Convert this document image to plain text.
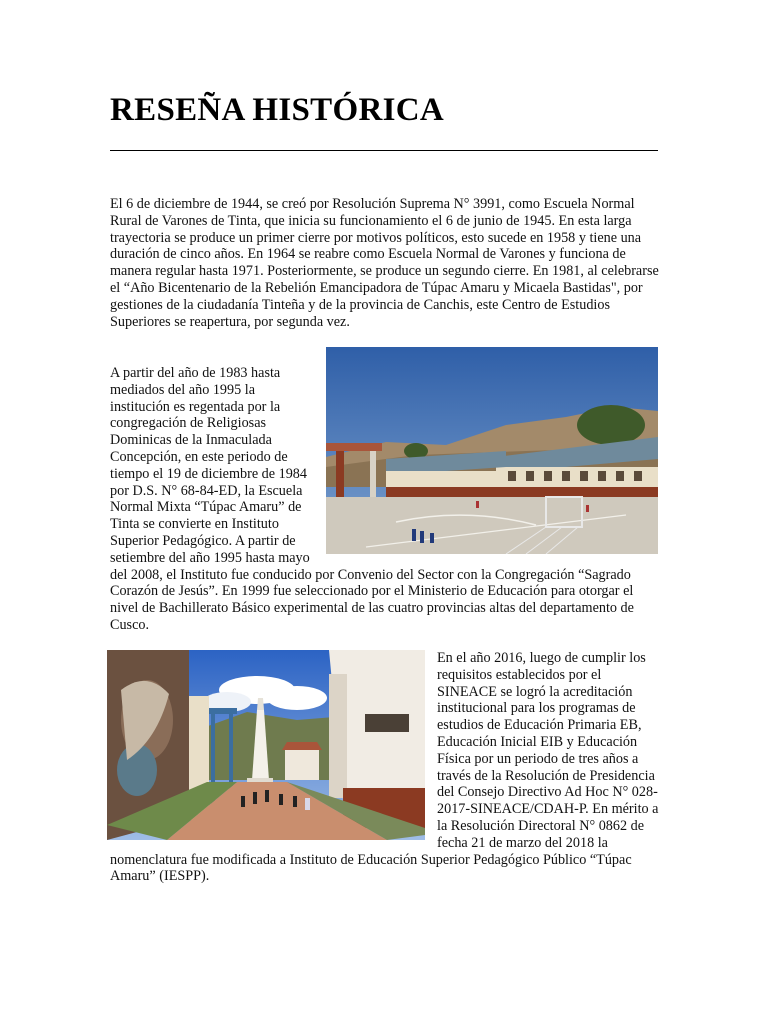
RESEÑA HISTÓRICA

El 6 de diciembre de 1944, se creó por Resolución Suprema N° 3991, como Escuela Normal Rural de Varones de Tinta, que inicia su funcionamiento el 6 de junio de 1945. En esta larga trayectoria se produce un primer cierre por motivos políticos, esto sucede en 1958 y tiene una duración de cinco años. En 1964 se reabre como Escuela Normal de Varones y funciona de manera regular hasta 1971. Posteriormente, se produce un segundo cierre. En 1981, al celebrarse el “Año Bicentenario de la Rebelión Emancipadora de Túpac Amaru y Micaela Bastidas", por gestiones de la ciudadanía Tinteña y de la provincia de Canchis, este Centro de Estudios Superiores se reapertura, por segunda vez.

A partir del año de 1983 hasta mediados del año 1995 la institución es regentada por la congregación de Religiosas Dominicas de la Inmaculada Concepción, en este periodo de tiempo el 19 de diciembre de 1984 por D.S. N° 68-84-ED, la Escuela Normal Mixta “Túpac Amaru” de Tinta se convierte en Instituto Superior Pedagógico. A partir de setiembre del año 1995 hasta mayo del 2008, el Instituto fue conducido por Convenio del Sector con la Congregación “Sagrado Corazón de Jesús”. En 1999 fue seleccionado por el Ministerio de Educación para otorgar el nivel de Bachillerato Básico experimental de las cuatro provincias altas del departamento de Cusco.

En el año 2016, luego de cumplir los requisitos establecidos por el SINEACE se logró la acreditación institucional para los programas de estudios de Educación Primaria EB, Educación Inicial EIB y Educación Física por un periodo de tres años a través de la Resolución de Presidencia del Consejo Directivo Ad Hoc N° 028-2017-SINEACE/CDAH-P. En mérito a la Resolución Directoral N° 0862 de fecha 21 de marzo del 2018 la nomenclatura fue modificada a Instituto de Educación Superior Pedagógico Público “Túpac Amaru” (IESPP).
